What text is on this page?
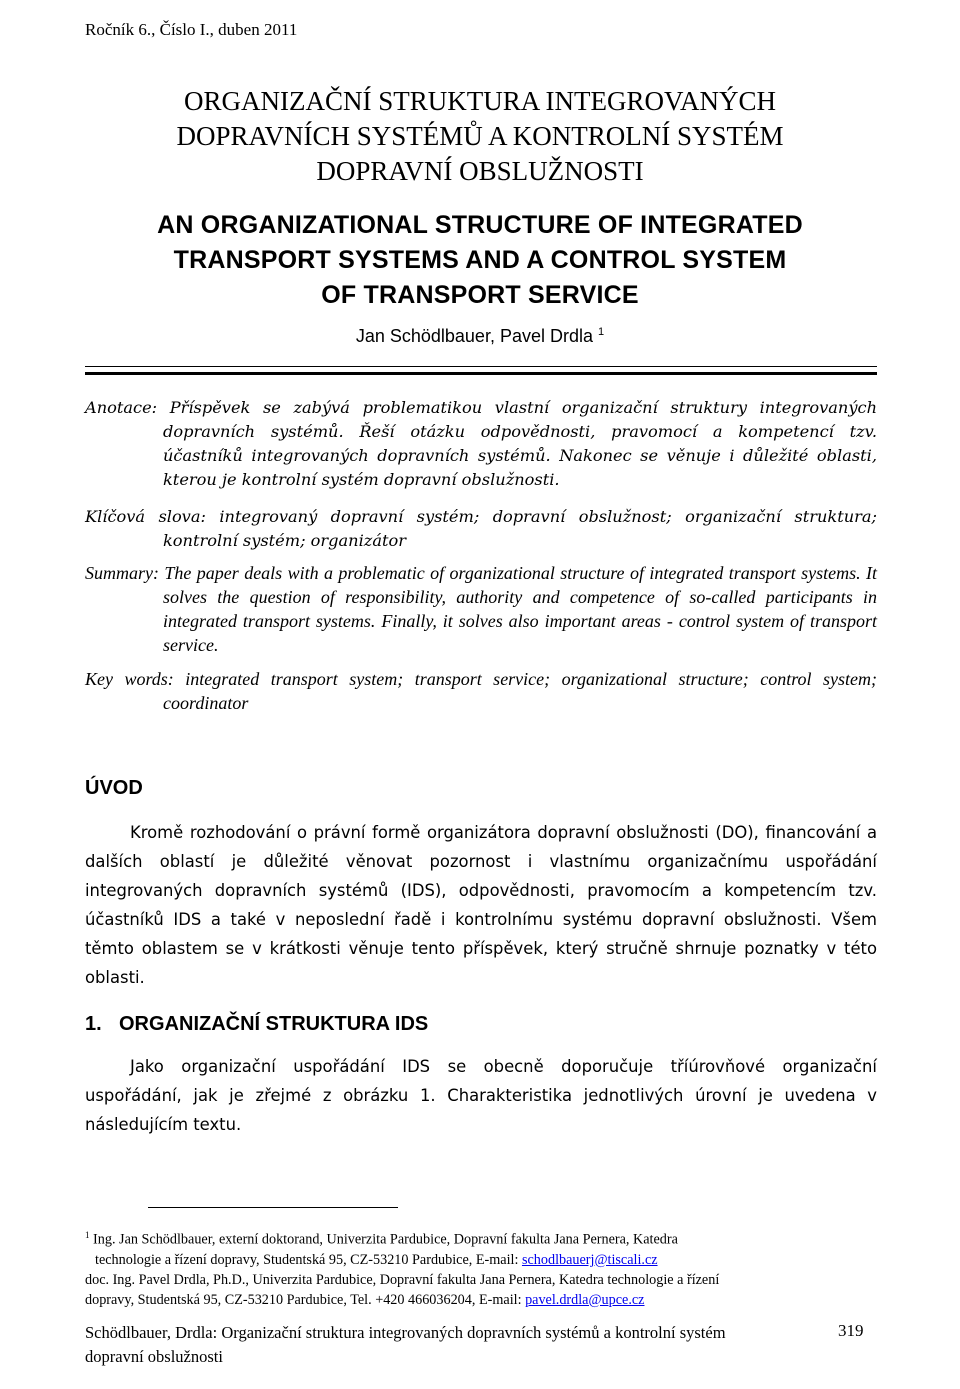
Ročník 6., Číslo I., duben 2011
ORGANIZAČNÍ STRUKTURA INTEGROVANÝCH
DOPRAVNÍCH SYSTÉMŮ A KONTROLNÍ SYSTÉM
DOPRAVNÍ OBSLUŽNOSTI
AN ORGANIZATIONAL STRUCTURE OF INTEGRATED
TRANSPORT SYSTEMS AND A CONTROL SYSTEM
OF TRANSPORT SERVICE
Jan Schödlbauer, Pavel Drdla $^1$
Anotace: Příspěvek se zabývá problematikou vlastní organizační struktury integrovaných dopravních systémů. Řeší otázku odpovědnosti, pravomocí a kompetencí tzv. účastníků integrovaných dopravních systémů. Nakonec se věnuje i důležité oblasti, kterou je kontrolní systém dopravní obslužnosti.
Klíčová slova: integrovaný dopravní systém; dopravní obslužnost; organizační struktura; kontrolní systém; organizátor
Summary: The paper deals with a problematic of organizational structure of integrated transport systems. It solves the question of responsibility, authority and competence of so-called participants in integrated transport systems. Finally, it solves also important areas - control system of transport service.
Key words: integrated transport system; transport service; organizational structure; control system; coordinator
ÚVOD

Kromě rozhodování o právní formě organizátora dopravní obslužnosti (DO), financování a dalších oblastí je důležité věnovat pozornost i vlastnímu organizačnímu uspořádání integrovaných dopravních systémů (IDS), odpovědnosti, pravomocím a kompetencím tzv. účastníků IDS a také v neposlední řadě i kontrolnímu systému dopravní obslužnosti. Všem těmto oblastem se v krátkosti věnuje tento příspěvek, který stručně shrnuje poznatky v této oblasti.

1. ORGANIZAČNÍ STRUKTURA IDS

Jako organizační uspořádání IDS se obecně doporučuje tříúrovňové organizační uspořádání, jak je zřejmé z obrázku 1. Charakteristika jednotlivých úrovní je uvedena v následujícím textu.

$^1$ Ing. Jan Schödlbauer, externí doktorand, Univerzita Pardubice, Dopravní fakulta Jana Pernera, Katedra
technologie a řízení dopravy, Studentská 95, CZ-53210 Pardubice, E-mail: schodlbauerj@tiscali.cz
doc. Ing. Pavel Drdla, Ph.D., Univerzita Pardubice, Dopravní fakulta Jana Pernera, Katedra technologie a řízení
dopravy, Studentská 95, CZ-53210 Pardubice, Tel. +420 466036204, E-mail: pavel.drdla@upce.cz
Schödlbauer, Drdla: Organizační struktura integrovaných dopravních systémů a kontrolní systém dopravní obslužnosti
319
